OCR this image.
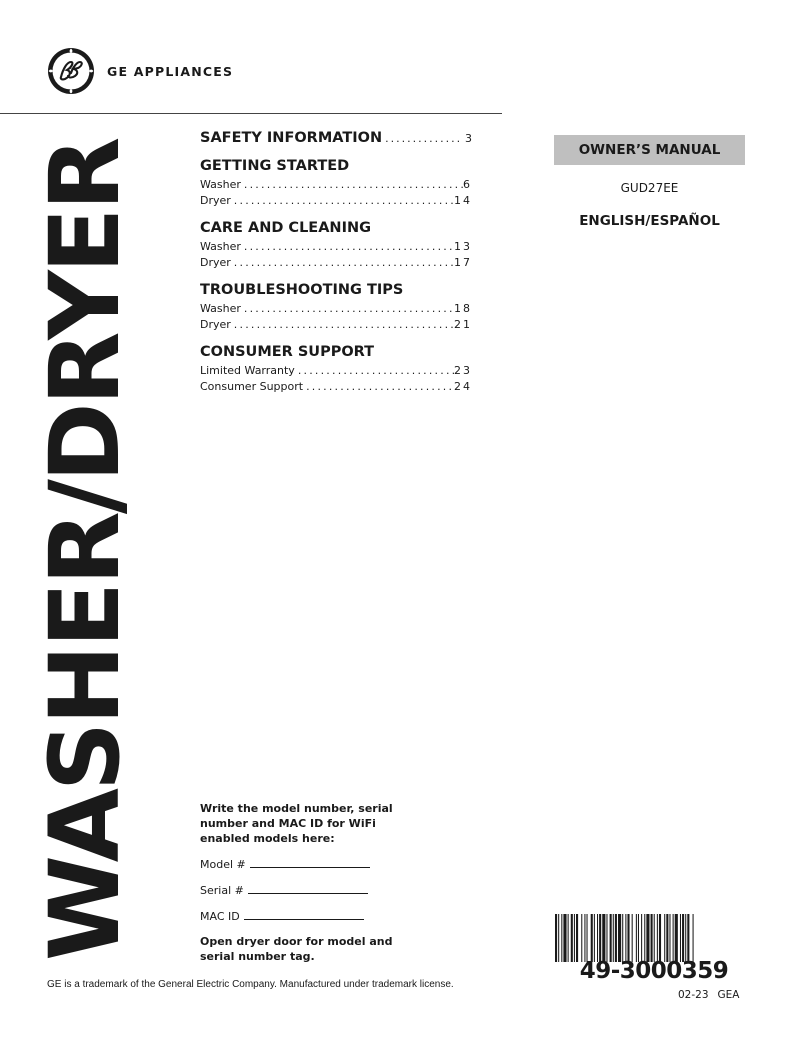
GE APPLIANCES
WASHER/DRYER
SAFETY INFORMATION .....	3
GETTING STARTED
Washer .....	6
Dryer .....	14
CARE AND CLEANING
Washer .....	13
Dryer .....	17
TROUBLESHOOTING TIPS
Washer .....	18
Dryer .....	21
CONSUMER SUPPORT
Limited Warranty .....	23
Consumer Support .....	24
OWNER’S MANUAL
GUD27EE
ENGLISH/ESPAÑOL
Write the model number, serial number and MAC ID for WiFi enabled models here:
Model #
Serial #
MAC ID
Open dryer door for model and serial number tag.
49-3000359
02-23 GEA
GE is a trademark of the General Electric Company. Manufactured under trademark license.
